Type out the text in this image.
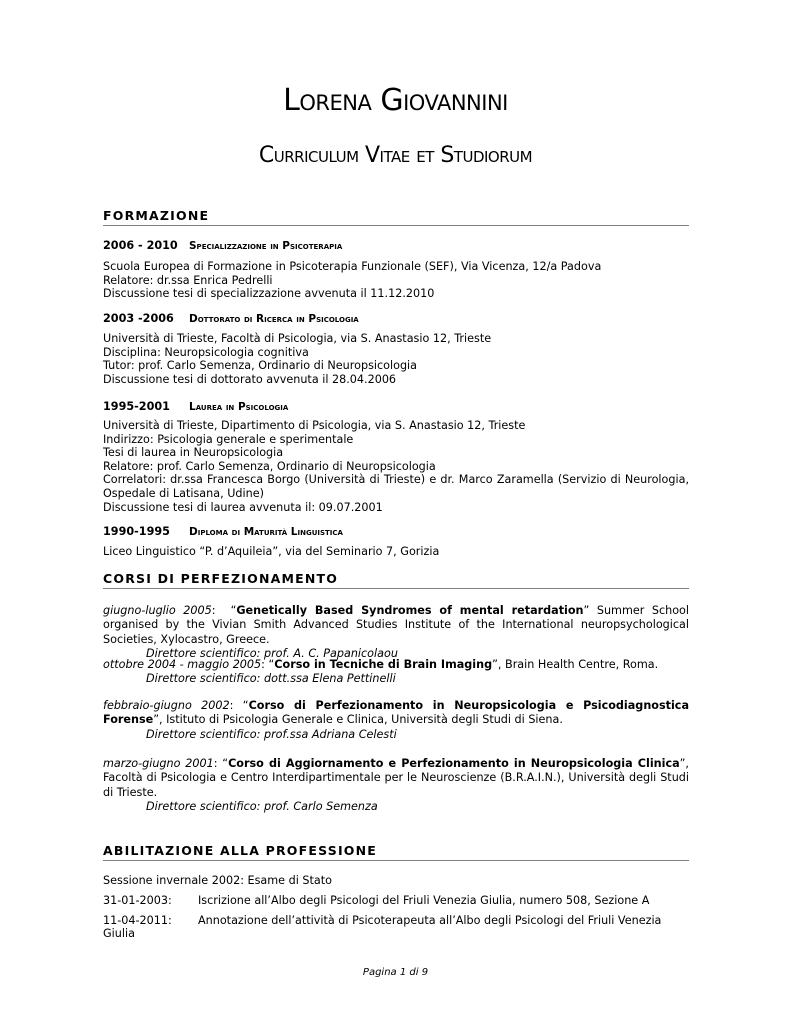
Lorena Giovannini
Curriculum Vitae et Studiorum
FORMAZIONE
2006 - 2010 Specializzazione in Psicoterapia
Scuola Europea di Formazione in Psicoterapia Funzionale (SEF), Via Vicenza, 12/a Padova
Relatore: dr.ssa Enrica Pedrelli
Discussione tesi di specializzazione avvenuta il 11.12.2010
2003 -2006 Dottorato di Ricerca in Psicologia
Università di Trieste, Facoltà di Psicologia, via S. Anastasio 12, Trieste
Disciplina: Neuropsicologia cognitiva
Tutor: prof. Carlo Semenza, Ordinario di Neuropsicologia
Discussione tesi di dottorato avvenuta il 28.04.2006
1995-2001 Laurea in Psicologia
Università di Trieste, Dipartimento di Psicologia, via S. Anastasio 12, Trieste
Indirizzo: Psicologia generale e sperimentale
Tesi di laurea in Neuropsicologia
Relatore: prof. Carlo Semenza, Ordinario di Neuropsicologia
Correlatori: dr.ssa Francesca Borgo (Università di Trieste) e dr. Marco Zaramella (Servizio di Neurologia, Ospedale di Latisana, Udine)
Discussione tesi di laurea avvenuta il: 09.07.2001
1990-1995 Diploma di Maturità Linguistica
Liceo Linguistico “P. d’Aquileia”, via del Seminario 7, Gorizia
CORSI DI PERFEZIONAMENTO
giugno-luglio 2005:  “Genetically Based Syndromes of mental retardation” Summer School organised by the Vivian Smith Advanced Studies Institute of the International neuropsychological Societies, Xylocastro, Greece.
Direttore scientifico: prof. A. C. Papanicolaou
ottobre 2004 - maggio 2005: “Corso in Tecniche di Brain Imaging”, Brain Health Centre, Roma.
Direttore scientifico: dott.ssa Elena Pettinelli
febbraio-giugno 2002: “Corso di Perfezionamento in Neuropsicologia e Psicodiagnostica Forense”, Istituto di Psicologia Generale e Clinica, Università degli Studi di Siena.
Direttore scientifico: prof.ssa Adriana Celesti
marzo-giugno 2001: “Corso di Aggiornamento e Perfezionamento in Neuropsicologia Clinica”, Facoltà di Psicologia e Centro Interdipartimentale per le Neuroscienze (B.R.A.I.N.), Università degli Studi di Trieste.
Direttore scientifico: prof. Carlo Semenza
ABILITAZIONE ALLA PROFESSIONE
Sessione invernale 2002: Esame di Stato
31-01-2003: Iscrizione all’Albo degli Psicologi del Friuli Venezia Giulia, numero 508, Sezione A
11-04-2011: Annotazione dell’attività di Psicoterapeuta all’Albo degli Psicologi del Friuli Venezia Giulia
Pagina 1 di 9
